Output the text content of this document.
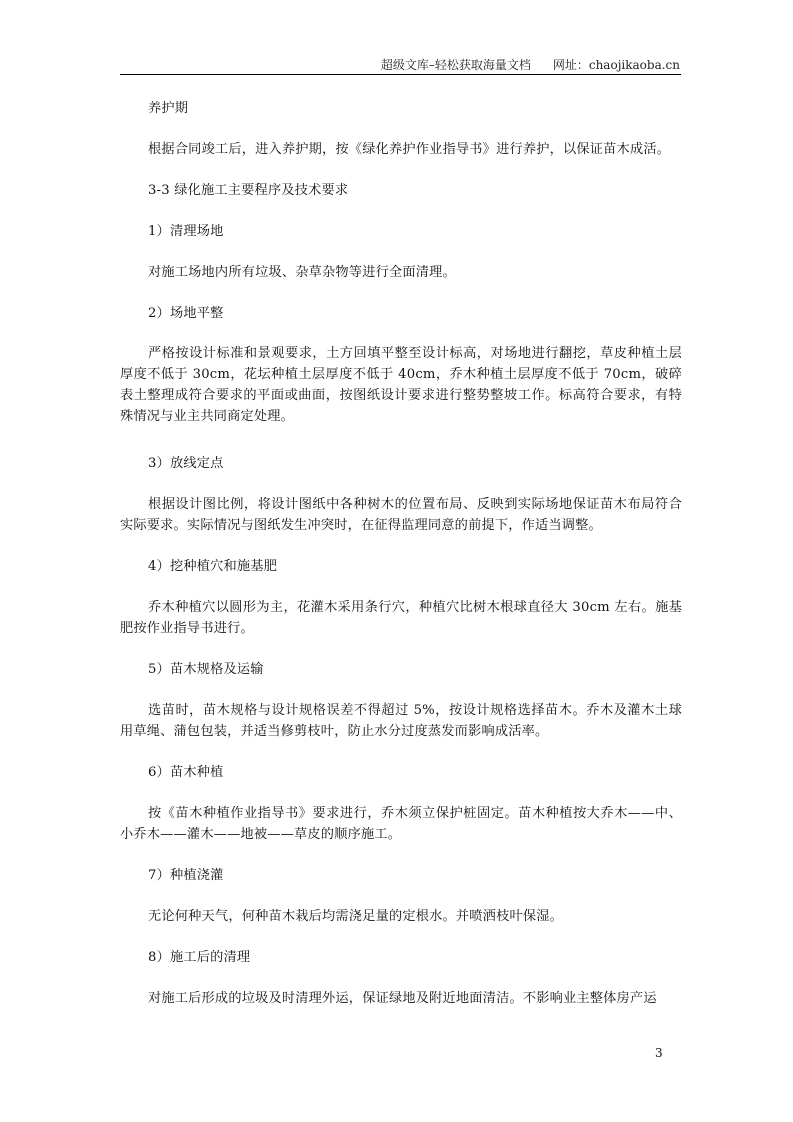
超级文库–轻松获取海量文档 网址：chaojikaoba.cn

养护期

根据合同竣工后，进入养护期，按《绿化养护作业指导书》进行养护，以保证苗木成活。

3-3 绿化施工主要程序及技术要求

1）清理场地

对施工场地内所有垃圾、杂草杂物等进行全面清理。

2）场地平整

严格按设计标准和景观要求，土方回填平整至设计标高，对场地进行翻挖，草皮种植土层厚度不低于 30cm，花坛种植土层厚度不低于 40cm，乔木种植土层厚度不低于 70cm，破碎表土整理成符合要求的平面或曲面，按图纸设计要求进行整势整坡工作。标高符合要求，有特殊情况与业主共同商定处理。

3）放线定点

根据设计图比例，将设计图纸中各种树木的位置布局、反映到实际场地保证苗木布局符合实际要求。实际情况与图纸发生冲突时，在征得监理同意的前提下，作适当调整。

4）挖种植穴和施基肥

乔木种植穴以圆形为主，花灌木采用条行穴，种植穴比树木根球直径大 30cm 左右。施基肥按作业指导书进行。

5）苗木规格及运输

选苗时，苗木规格与设计规格误差不得超过 5%，按设计规格选择苗木。乔木及灌木土球用草绳、蒲包包装，并适当修剪枝叶，防止水分过度蒸发而影响成活率。

6）苗木种植

按《苗木种植作业指导书》要求进行，乔木须立保护桩固定。苗木种植按大乔木——中、小乔木——灌木——地被——草皮的顺序施工。

7）种植浇灌

无论何种天气，何种苗木栽后均需浇足量的定根水。并喷洒枝叶保湿。

8）施工后的清理

对施工后形成的垃圾及时清理外运，保证绿地及附近地面清洁。不影响业主整体房产运

3
